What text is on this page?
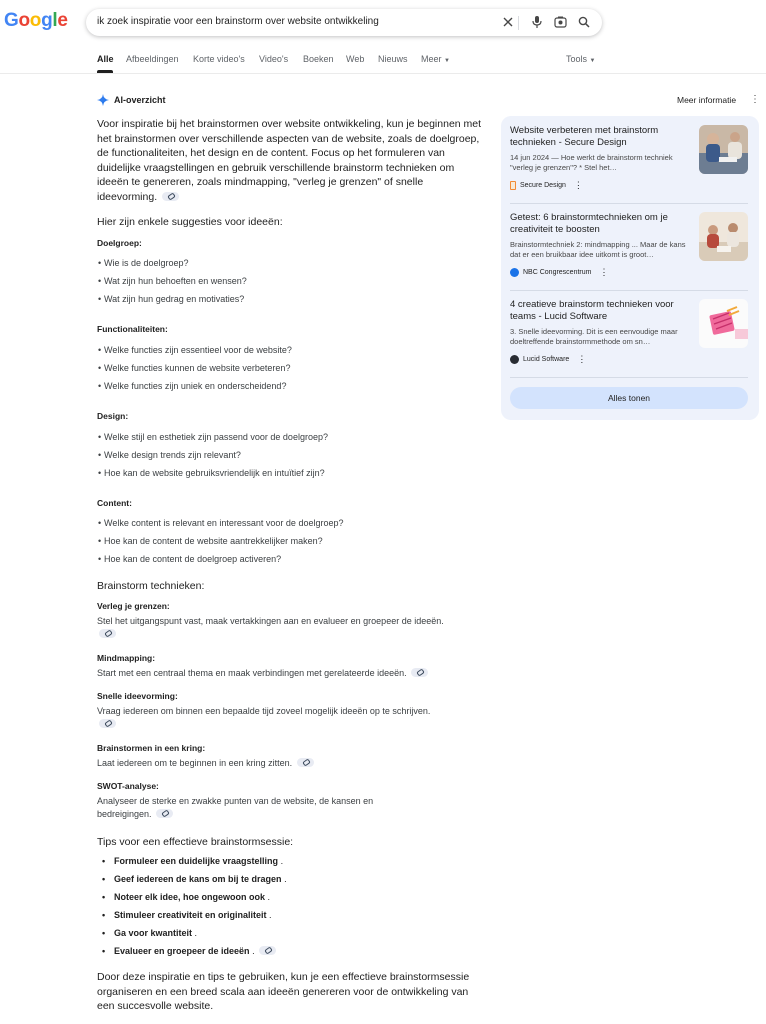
Google	ik zoek inspiratie voor een brainstorm over website ontwikkeling
Alle Afbeeldingen Korte video's Video's Boeken Web Nieuws Meer ▼	Tools ▼
AI-overzicht	Meer informatie ⋮
Voor inspiratie bij het brainstormen over website ontwikkeling, kun je beginnen met het brainstormen over verschillende aspecten van de website, zoals de doelgroep, de functionaliteiten, het design en de content. Focus op het formuleren van duidelijke vraagstellingen en gebruik verschillende brainstorm technieken om ideeën te genereren, zoals mindmapping, "verleg je grenzen" of snelle ideevorming.
Hier zijn enkele suggesties voor ideeën:
Doelgroep:
• Wie is de doelgroep?
• Wat zijn hun behoeften en wensen?
• Wat zijn hun gedrag en motivaties?
Functionaliteiten:
• Welke functies zijn essentieel voor de website?
• Welke functies kunnen de website verbeteren?
• Welke functies zijn uniek en onderscheidend?
Design:
• Welke stijl en esthetiek zijn passend voor de doelgroep?
• Welke design trends zijn relevant?
• Hoe kan de website gebruiksvriendelijk en intuïtief zijn?
Content:
• Welke content is relevant en interessant voor de doelgroep?
• Hoe kan de content de website aantrekkelijker maken?
• Hoe kan de content de doelgroep activeren?
Brainstorm technieken:
Verleg je grenzen:
Stel het uitgangspunt vast, maak vertakkingen aan en evalueer en groepeer de ideeën.
Mindmapping:
Start met een centraal thema en maak verbindingen met gerelateerde ideeën.
Snelle ideevorming:
Vraag iedereen om binnen een bepaalde tijd zoveel mogelijk ideeën op te schrijven.
Brainstormen in een kring:
Laat iedereen om te beginnen in een kring zitten.
SWOT-analyse:
Analyseer de sterke en zwakke punten van de website, de kansen en bedreigingen.
Tips voor een effectieve brainstormsessie:
• Formuleer een duidelijke vraagstelling .
• Geef iedereen de kans om bij te dragen .
• Noteer elk idee, hoe ongewoon ook .
• Stimuleer creativiteit en originaliteit .
• Ga voor kwantiteit .
• Evalueer en groepeer de ideeën .
Door deze inspiratie en tips te gebruiken, kun je een effectieve brainstormsessie organiseren en een breed scala aan ideeën genereren voor de ontwikkeling van een succesvolle website.
Website verbeteren met brainstorm technieken - Secure Design
14 jun 2024 — Hoe werkt de brainstorm techniek "verleg je grenzen"? * Stel het…
Secure Design ⋮
Getest: 6 brainstormtechnieken om je creativiteit te boosten
Brainstormtechniek 2: mindmapping ... Maar de kans dat er een bruikbaar idee uitkomt is groot…
NBC Congrescentrum ⋮
4 creatieve brainstorm technieken voor teams - Lucid Software
3. Snelle ideevorming. Dit is een eenvoudige maar doeltreffende brainstormmethode om sn…
Lucid Software ⋮
Alles tonen
